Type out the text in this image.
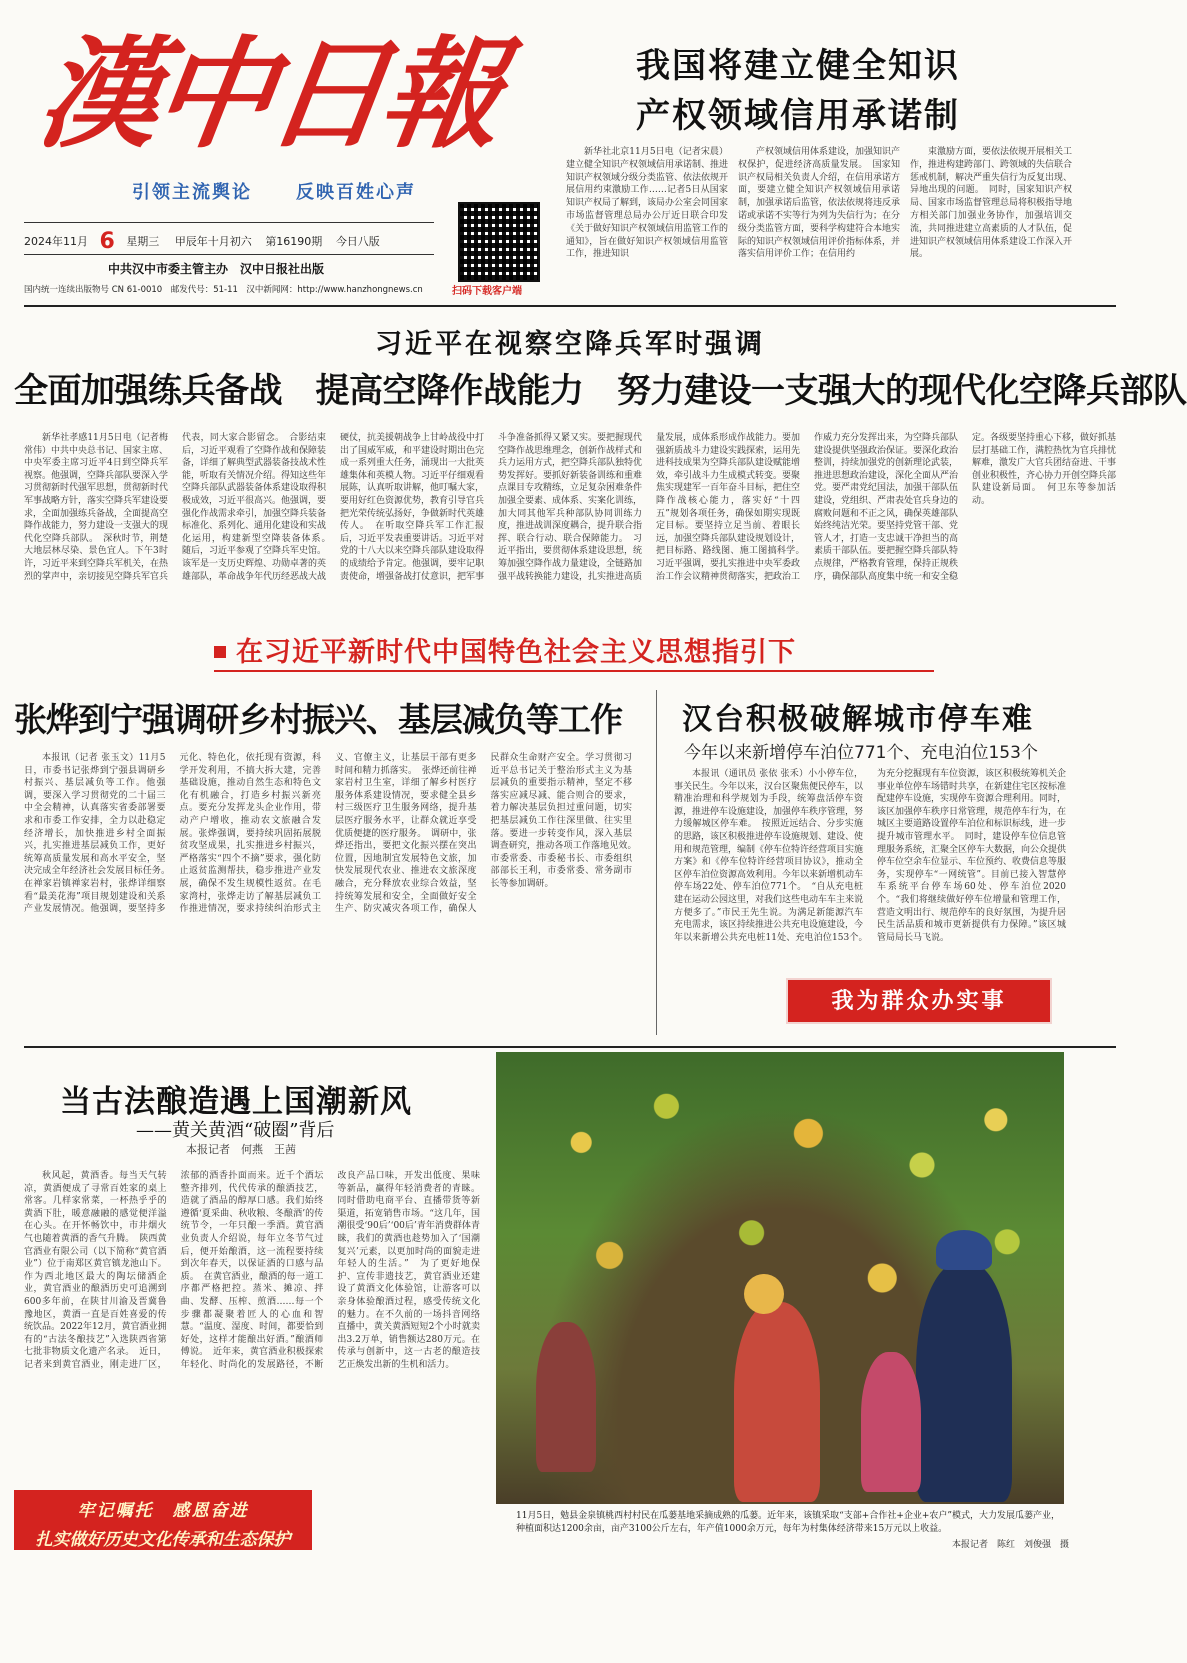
漢中日報
引领主流舆论 反映百姓心声
2024年11月 6 星期三 甲辰年十月初六 第16190期 今日八版
中共汉中市委主管主办　汉中日报社出版
国内统一连续出版物号 CN 61-0010　邮发代号：51-11　汉中新闻网：http://www.hanzhongnews.cn	扫码下载客户端
我国将建立健全知识
产权领域信用承诺制

新华社北京11月5日电（记者宋晨）建立健全知识产权领域信用承诺制、推进知识产权领域分级分类监管、依法依规开展信用约束激励工作……记者5日从国家知识产权局了解到，该局办公室会同国家市场监督管理总局办公厅近日联合印发《关于做好知识产权领域信用监管工作的通知》，旨在做好知识产权领域信用监管工作，推进知识

产权领域信用体系建设，加强知识产权保护，促进经济高质量发展。　国家知识产权局相关负责人介绍，在信用承诺方面，要建立健全知识产权领域信用承诺制，加强承诺后监管，依法依规将违反承诺或承诺不实等行为列为失信行为；在分级分类监管方面，要科学构建符合本地实际的知识产权领域信用评价指标体系，并落实信用评价工作；在信用约

束激励方面，要依法依规开展相关工作，推进构建跨部门、跨领域的失信联合惩戒机制，解决严重失信行为反复出现、异地出现的问题。　同时，国家知识产权局、国家市场监督管理总局将积极指导地方相关部门加强业务协作，加强培训交流，共同推进建立高素质的人才队伍，促进知识产权领域信用体系建设工作深入开展。

习近平在视察空降兵军时强调
全面加强练兵备战　提高空降作战能力　努力建设一支强大的现代化空降兵部队

新华社孝感11月5日电（记者梅常伟）中共中央总书记、国家主席、中央军委主席习近平4日到空降兵军视察。他强调，空降兵部队要深入学习贯彻新时代强军思想，贯彻新时代军事战略方针，落实空降兵军建设要求，全面加强练兵备战，全面提高空降作战能力，努力建设一支强大的现代化空降兵部队。　深秋时节，荆楚大地层林尽染、景色宜人。下午3时许，习近平来到空降兵军机关，在热烈的掌声中，亲切接见空降兵军官兵代表，同大家合影留念。　合影结束后，习近平观看了空降作战和保障装备，详细了解典型武器装备技战术性能，听取有关情况介绍。得知这些年空降兵部队武器装备体系建设取得积极成效，习近平很高兴。他强调，要强化作战需求牵引，加强空降兵装备标准化、系列化、通用化建设和实战化运用，构建新型空降装备体系。　随后，习近平参观了空降兵军史馆。该军是一支历史辉煌、功勋卓著的英雄部队，革命战争年代历经恶战大战硬仗，抗美援朝战争上甘岭战役中打出了国威军威，和平建设时期出色完成一系列重大任务，涌现出一大批英雄集体和英模人物。习近平仔细观看展陈，认真听取讲解，他叮嘱大家，要用好红色资源优势，教育引导官兵把光荣传统弘扬好，争做新时代英雄传人。　在听取空降兵军工作汇报后，习近平发表重要讲话。习近平对党的十八大以来空降兵部队建设取得的成绩给予肯定。他强调，要牢记职责使命，增强备战打仗意识，把军事斗争准备抓得又紧又实。要把握现代空降作战思维理念，创新作战样式和兵力运用方式，把空降兵部队独特优势发挥好。要抓好新装备训练和重难点课目专攻精练，立足复杂困难条件加强全要素、成体系、实案化训练，加大同其他军兵种部队协同训练力度，推进战训深度耦合，提升联合指挥、联合行动、联合保障能力。　习近平指出，要贯彻体系建设思想，统筹加强空降作战力量建设，全链路加强平战转换能力建设，扎实推进高质量发展，成体系形成作战能力。要加强新质战斗力建设实践探索，运用先进科技成果为空降兵部队建设赋能增效，牵引战斗力生成模式转变。要聚焦实现建军一百年奋斗目标，把住空降作战核心能力，落实好“十四五”规划各项任务，确保如期实现既定目标。要坚持立足当前、着眼长远，加强空降兵部队建设规划设计，把目标路、路线图、施工图搞科学。　习近平强调，要扎实推进中央军委政治工作会议精神贯彻落实，把政治工作威力充分发挥出来，为空降兵部队建设提供坚强政治保证。要深化政治整训，持续加强党的创新理论武装，推进思想政治建设，深化全面从严治党。要严肃党纪国法，加强干部队伍建设，党组织、严肃表处官兵身边的腐败问题和不正之风，确保英雄部队始终纯洁光荣。要坚持党管干部、党管人才，打造一支忠诚干净担当的高素质干部队伍。要把握空降兵部队特点规律，严格教育管理，保持正规秩序，确保部队高度集中统一和安全稳定。各级要坚持重心下移，做好抓基层打基础工作，满腔热忱为官兵排忧解难，激发广大官兵团结奋进、干事创业积极性，齐心协力开创空降兵部队建设新局面。　何卫东等参加活动。

在习近平新时代中国特色社会主义思想指引下
张烨到宁强调研乡村振兴、基层减负等工作

本报讯（记者 张玉文）11月5日，市委书记张烨到宁强县调研乡村振兴、基层减负等工作。他强调，要深入学习贯彻党的二十届三中全会精神，认真落实省委部署要求和市委工作安排，全力以赴稳定经济增长，加快推进乡村全面振兴，扎实推进基层减负工作，更好统筹高质量发展和高水平安全，坚决完成全年经济社会发展目标任务。　在禅家岩镇禅家岩村，张烨详细察看“最美花海”项目规划建设和关系产业发展情况。他强调，要坚持多元化、特色化，依托现有资源，科学开发利用，不搞大拆大建，完善基础设施，推动自然生态和特色文化有机融合，打造乡村振兴新亮点。要充分发挥龙头企业作用，带动产户增收，推动农文旅融合发展。张烨强调，要持续巩固拓展脱贫攻坚成果，扎实推进乡村振兴，严格落实“四个不摘”要求，强化防止返贫监测帮扶，稳步推进产业发展，确保不发生规模性返贫。在毛家湾村，张烨走访了解基层减负工作推进情况，要求持续纠治形式主义、官僚主义，让基层干部有更多时间和精力抓落实。　张烨还前往禅家岩村卫生室，详细了解乡村医疗服务体系建设情况，要求健全县乡村三级医疗卫生服务网络，提升基层医疗服务水平，让群众就近享受优质便捷的医疗服务。　调研中，张烨还指出，要把文化振兴摆在突出位置，因地制宜发展特色文旅，加快发展现代农业、推进农文旅深度融合，充分释放农业综合效益，坚持统筹发展和安全，全面做好安全生产、防灾减灾各项工作，确保人民群众生命财产安全。学习贯彻习近平总书记关于整治形式主义为基层减负的重要指示精神，坚定不移落实应减尽减、能合则合的要求，着力解决基层负担过重问题，切实把基层减负工作往深里做、往实里落。要进一步转变作风，深入基层调查研究，推动各项工作落地见效。　市委常委、市委秘书长、市委组织部部长王利，市委常委、常务副市长等参加调研。

汉台积极破解城市停车难
今年以来新增停车泊位771个、充电泊位153个

本报讯（通讯员 张依 张禾）小小停车位，事关民生。今年以来，汉台区聚焦便民停车，以精准治理和科学规划为手段，统筹盘活停车资源，推进停车设施建设，加强停车秩序管理，努力缓解城区停车难。　按照近远结合、分步实施的思路，该区积极推进停车设施规划、建设、使用和规范管理，编制《停车位特许经营项目实施方案》和《停车位特许经营项目协议》，推动全区停车泊位资源高效利用。今年以来新增机动车停车场22处、停车泊位771个。　“自从充电桩建在运动公园这里，对我们这些电动车车主来说方便多了。”市民王先生说。为满足新能源汽车充电需求，该区持续推进公共充电设施建设，今年以来新增公共充电桩11处、充电泊位153个。　为充分挖掘现有车位资源，该区积极统筹机关企事业单位停车场错时共享，在新建住宅区按标准配建停车设施，实现停车资源合理利用。同时，该区加强停车秩序日常管理，规范停车行为，在城区主要道路设置停车泊位和标识标线，进一步提升城市管理水平。　同时，建设停车位信息管理服务系统，汇聚全区停车大数据，向公众提供停车位空余车位显示、车位预约、收费信息等服务，实现停车“一网统管”。目前已接入智慧停车系统平台停车场60处、停车泊位2020个。“我们将继续做好停车位增量和管理工作，营造文明出行、规范停车的良好氛围，为提升居民生活品质和城市更新提供有力保障。”该区城管局局长马飞说。

我为群众办实事
当古法酿造遇上国潮新风
——黄关黄酒“破圈”背后
本报记者　何燕　王茜

秋风起，黄酒香。每当天气转凉，黄酒便成了寻常百姓家的桌上常客。几样家常菜，一杯热乎乎的黄酒下肚，暖意融融的感觉便洋溢在心头。在开怀畅饮中，市井烟火气也随着黄酒的香气升腾。　陕西黄官酒业有限公司（以下简称“黄官酒业”）位于南郑区黄官镇龙池山下。作为西北地区最大的陶坛储酒企业，黄官酒业的酿酒历史可追溯到600多年前，在陕甘川渝及晋冀鲁豫地区，黄酒一直是百姓喜爱的传统饮品。2022年12月，黄官酒业拥有的“古法冬酿技艺”入选陕西省第七批非物质文化遗产名录。　近日，记者来到黄官酒业，刚走进厂区，浓郁的酒香扑面而来。近千个酒坛整齐排列，代代传承的酿酒技艺，造就了酒品的醇厚口感。我们始终遵循‘夏采曲、秋收粮、冬酿酒’的传统节令，一年只酿一季酒。黄官酒业负责人介绍说，每年立冬节气过后，便开始酿酒，这一流程要持续到次年春天，以保证酒的口感与品质。　在黄官酒业，酿酒的每一道工序都严格把控。蒸米、摊凉、拌曲、发酵、压榨、煎酒……每一个步骤都凝聚着匠人的心血和智慧。“温度、湿度、时间，都要恰到好处，这样才能酿出好酒。”酿酒师傅说。　近年来，黄官酒业积极探索年轻化、时尚化的发展路径，不断改良产品口味，开发出低度、果味等新品，赢得年轻消费者的青睐。同时借助电商平台、直播带货等新渠道，拓宽销售市场。“这几年，国潮很受‘90后’‘00后’青年消费群体青睐，我们的黄酒也趁势加入了‘国潮复兴’元素，以更加时尚的面貌走进年轻人的生活。”　为了更好地保护、宣传非遗技艺，黄官酒业还建设了黄酒文化体验馆，让游客可以亲身体验酿酒过程，感受传统文化的魅力。在不久前的一场抖音网络直播中，黄关黄酒短短2个小时就卖出3.2万单，销售额达280万元。在传承与创新中，这一古老的酿造技艺正焕发出新的生机和活力。

牢记嘱托　感恩奋进
扎实做好历史文化传承和生态保护
11月5日，勉县金泉镇桃西村村民在瓜蒌基地采摘成熟的瓜蒌。近年来，该镇采取“支部+合作社+企业+农户”模式，大力发展瓜蒌产业，种植面积达1200余亩，亩产3100公斤左右，年产值1000余万元，每年为村集体经济带来15万元以上收益。
本报记者　陈红　刘俊强　摄
